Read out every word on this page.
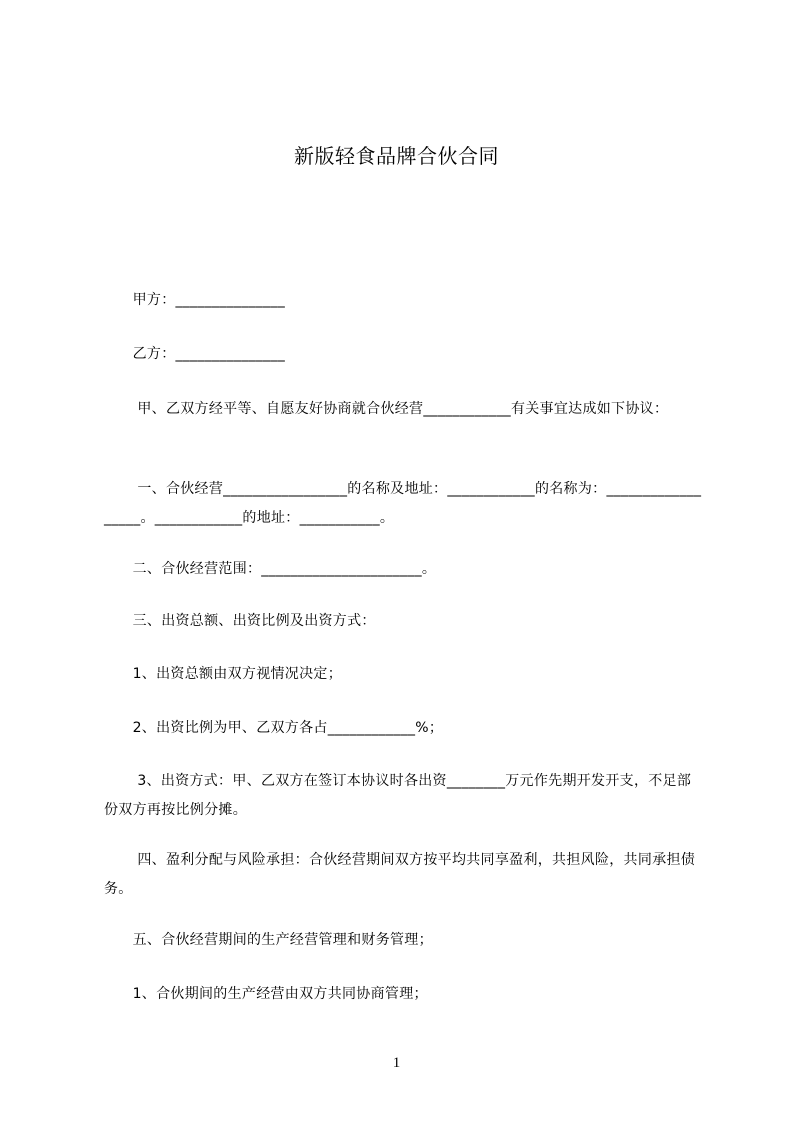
新版轻食品牌合伙合同
　　甲方：_______________
　　乙方：_______________
　　 甲、乙双方经平等、自愿友好协商就合伙经营____________有关事宜达成如下协议：
　　 一、合伙经营_________________的名称及地址：____________的名称为：__________________。____________的地址：___________。
　　二、合伙经营范围：______________________。
　　三、出资总额、出资比例及出资方式：
　　1、出资总额由双方视情况决定；
　　2、出资比例为甲、乙双方各占____________%；
　　 3、出资方式：甲、乙双方在签订本协议时各出资________万元作先期开发开支，不足部份双方再按比例分摊。
　　 四、盈利分配与风险承担：合伙经营期间双方按平均共同享盈利，共担风险，共同承担债务。
　　五、合伙经营期间的生产经营管理和财务管理；
　　1、合伙期间的生产经营由双方共同协商管理；
1
